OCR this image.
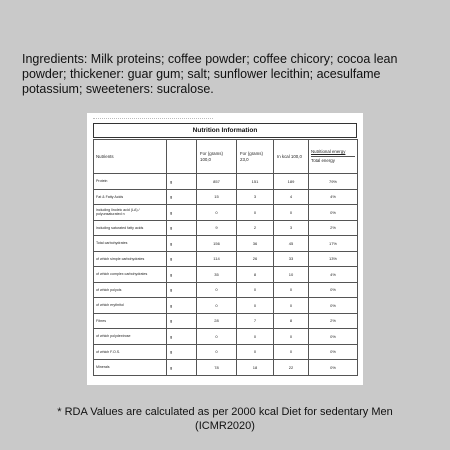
Ingredients: Milk proteins; coffee powder; coffee chicory; cocoa lean powder; thickener: guar gum; salt; sunflower lecithin; acesulfame potassium; sweeteners: sucralose.
Nutrition Information
Nutrients		For (grams) 100,0	For (grams) 23,0	In kcal 100,0	Nutritional energy
Total energy

Protein	g	857	151	189	79%
Fat & Fatty Acids	g	15	3	4	4%
including linoleic acid (LA) / polyunsaturated n	g	0	0	0	0%
including saturated fatty acids	g	9	2	3	2%
Total carbohydrates	g	156	36	45	17%
of which simple carbohydrates	g	114	26	33	13%
of which complex carbohydrates	g	35	8	10	4%
of which polyols	g	0	0	0	0%
of which erythritol	g	0	0	0	0%
Fibres	g	28	7	8	2%
of which polydextrose	g	0	0	0	0%
of which F.O.S.	g	0	0	0	0%
Minerals	g	78	18	22	0%
* RDA Values are calculated as per 2000 kcal Diet for sedentary Men (ICMR2020)
